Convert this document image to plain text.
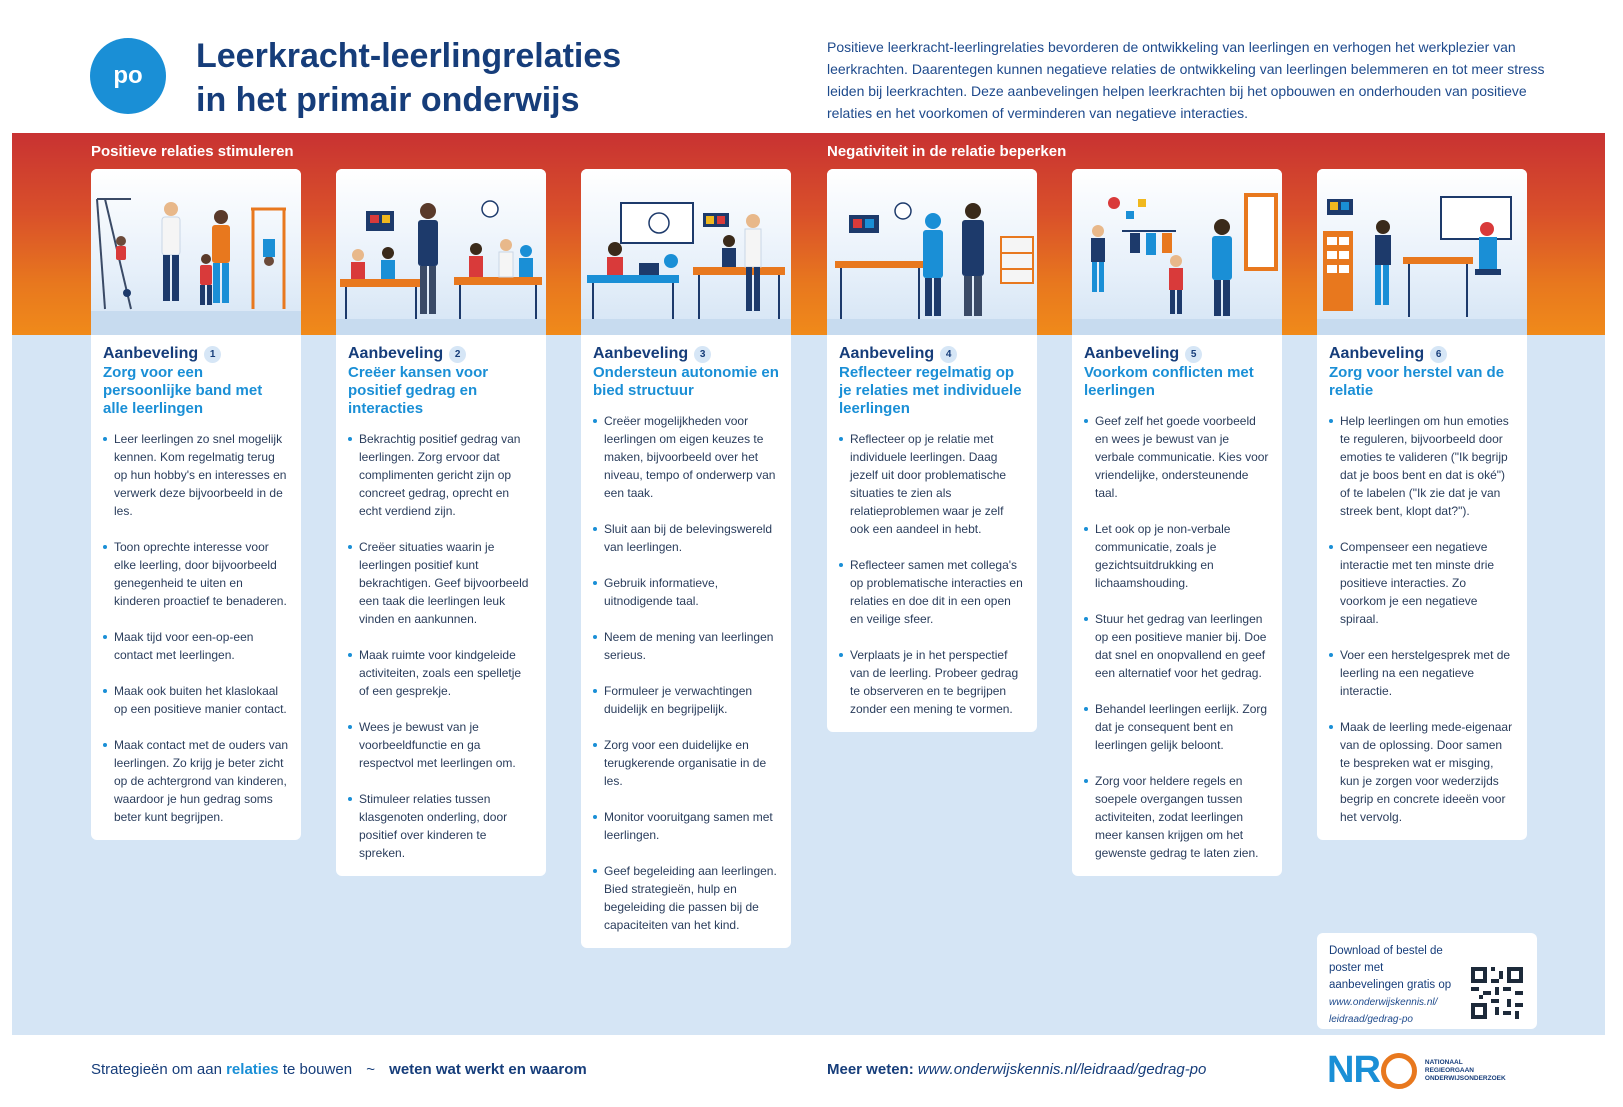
po
Leerkracht-leerlingrelaties
in het primair onderwijs

Positieve leerkracht-leerlingrelaties bevorderen de ontwikkeling van leerlingen en verhogen het werkplezier van leerkrachten. Daarentegen kunnen negatieve relaties de ontwikkeling van leerlingen belemmeren en tot meer stress leiden bij leerkrachten. Deze aanbevelingen helpen leerkrachten bij het opbouwen en onderhouden van positieve relaties en het voorkomen of verminderen van negatieve interacties.

Positieve relaties stimuleren	Negativiteit in de relatie beperken
Aanbeveling	1
Zorg voor een persoonlijke band met alle leerlingen
Leer leerlingen zo snel mogelijk kennen. Kom regelmatig terug op hun hobby's en interesses en verwerk deze bijvoorbeeld in de les.
Toon oprechte interesse voor elke leerling, door bijvoorbeeld genegenheid te uiten en kinderen proactief te benaderen.
Maak tijd voor een-op-een contact met leerlingen.
Maak ook buiten het klaslokaal op een positieve manier contact.
Maak contact met de ouders van leerlingen. Zo krijg je beter zicht op de achtergrond van kinderen, waardoor je hun gedrag soms beter kunt begrijpen.
Aanbeveling	2
Creëer kansen voor positief gedrag en interacties
Bekrachtig positief gedrag van leerlingen. Zorg ervoor dat complimenten gericht zijn op concreet gedrag, oprecht en echt verdiend zijn.
Creëer situaties waarin je leerlingen positief kunt bekrachtigen. Geef bijvoorbeeld een taak die leerlingen leuk vinden en aankunnen.
Maak ruimte voor kindgeleide activiteiten, zoals een spelletje of een gesprekje.
Wees je bewust van je voorbeeldfunctie en ga respectvol met leerlingen om.
Stimuleer relaties tussen klasgenoten onderling, door positief over kinderen te spreken.
Aanbeveling	3
Ondersteun autonomie en bied structuur
Creëer mogelijkheden voor leerlingen om eigen keuzes te maken, bijvoorbeeld over het niveau, tempo of onderwerp van een taak.
Sluit aan bij de belevingswereld van leerlingen.
Gebruik informatieve, uitnodigende taal.
Neem de mening van leerlingen serieus.
Formuleer je verwachtingen duidelijk en begrijpelijk.
Zorg voor een duidelijke en terugkerende organisatie in de les.
Monitor vooruitgang samen met leerlingen.
Geef begeleiding aan leerlingen. Bied strategieën, hulp en begeleiding die passen bij de capaciteiten van het kind.
Aanbeveling	4
Reflecteer regelmatig op je relaties met individuele leerlingen
Reflecteer op je relatie met individuele leerlingen. Daag jezelf uit door problematische situaties te zien als relatieproblemen waar je zelf ook een aandeel in hebt.
Reflecteer samen met collega's op problematische interacties en relaties en doe dit in een open en veilige sfeer.
Verplaats je in het perspectief van de leerling. Probeer gedrag te observeren en te begrijpen zonder een mening te vormen.
Aanbeveling	5
Voorkom conflicten met leerlingen
Geef zelf het goede voorbeeld en wees je bewust van je verbale communicatie. Kies voor vriendelijke, ondersteunende taal.
Let ook op je non-verbale communicatie, zoals je gezichtsuitdrukking en lichaamshouding.
Stuur het gedrag van leerlingen op een positieve manier bij. Doe dat snel en onopvallend en geef een alternatief voor het gedrag.
Behandel leerlingen eerlijk. Zorg dat je consequent bent en leerlingen gelijk beloont.
Zorg voor heldere regels en soepele overgangen tussen activiteiten, zodat leerlingen meer kansen krijgen om het gewenste gedrag te laten zien.
Aanbeveling	6
Zorg voor herstel van de relatie
Help leerlingen om hun emoties te reguleren, bijvoorbeeld door emoties te valideren ("Ik begrijp dat je boos bent en dat is oké") of te labelen ("Ik zie dat je van streek bent, klopt dat?").
Compenseer een negatieve interactie met ten minste drie positieve interacties. Zo voorkom je een negatieve spiraal.
Voer een herstelgesprek met de leerling na een negatieve interactie.
Maak de leerling mede-eigenaar van de oplossing. Door samen te bespreken wat er misging, kun je zorgen voor wederzijds begrip en concrete ideeën voor het vervolg.
Download of bestel de poster met aanbevelingen gratis op
www.onderwijskennis.nl/
leidraad/gedrag-po
Strategieën om aan relaties te bouwen ~ weten wat werkt en waarom	Meer weten: www.onderwijskennis.nl/leidraad/gedrag-po	NR	NATIONAAL
REGIEORGAAN
ONDERWIJSONDERZOEK
